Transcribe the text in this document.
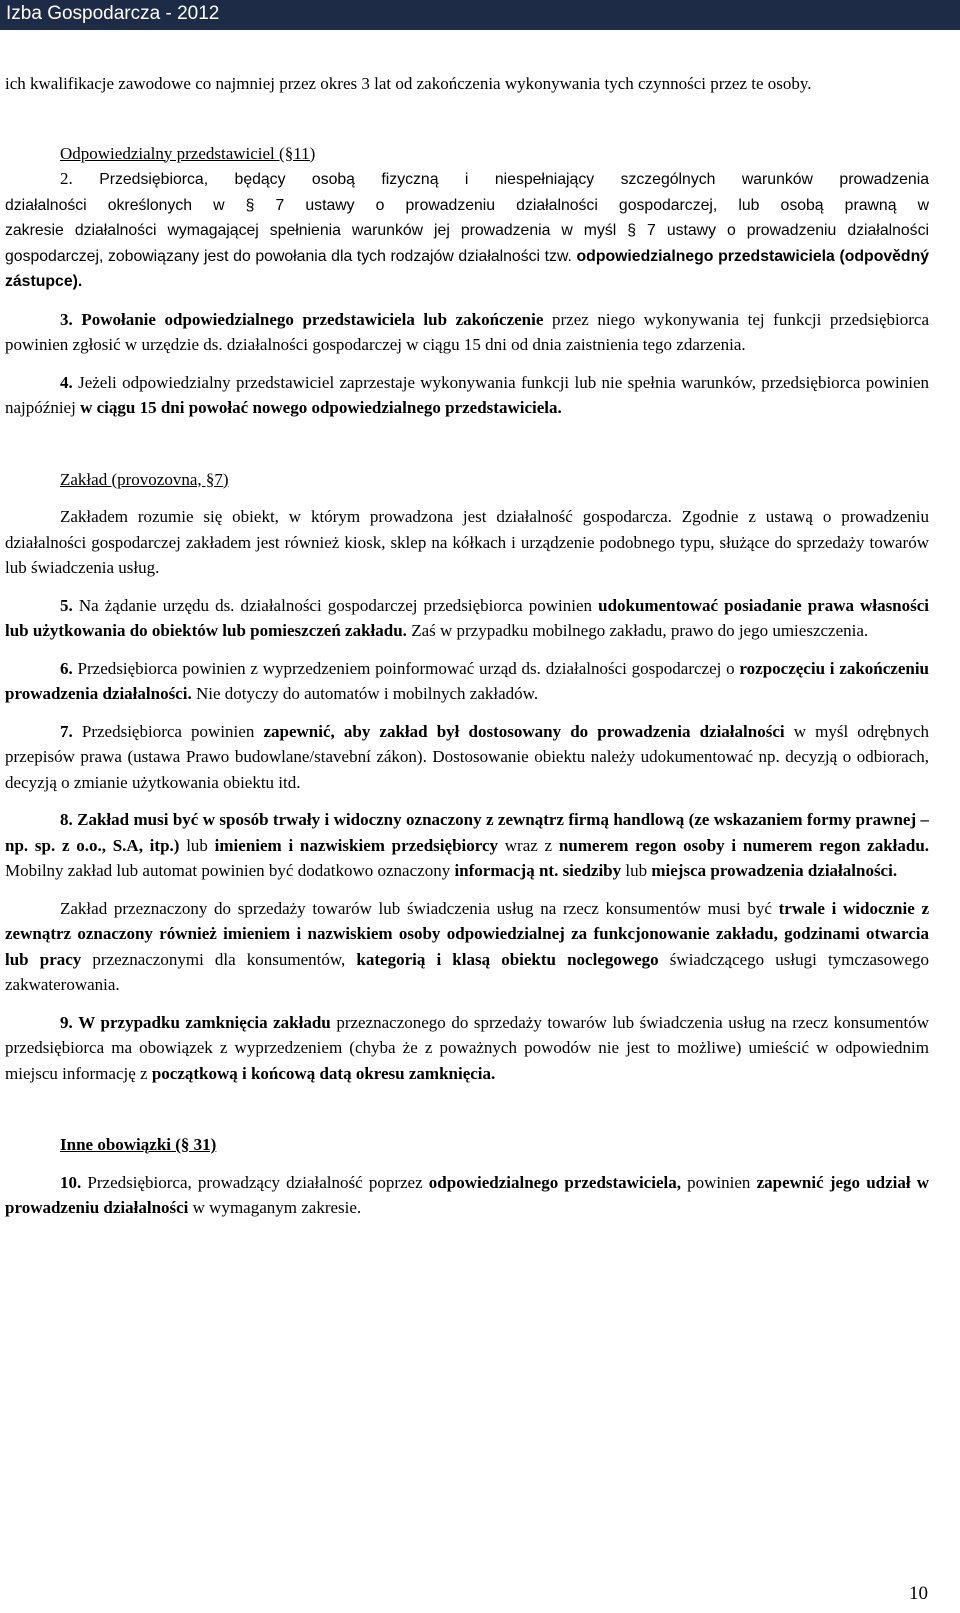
Izba Gospodarcza - 2012

ich kwalifikacje zawodowe co najmniej przez okres 3 lat od zakończenia wykonywania tych czynności przez te osoby.

Odpowiedzialny przedstawiciel (§11)

2. Przedsiębiorca, będący osobą fizyczną i niespełniający szczególnych warunków prowadzenia
działalności określonych w § 7 ustawy o prowadzeniu działalności gospodarczej, lub osobą prawną w
zakresie działalności wymagającej spełnienia warunków jej prowadzenia w myśl § 7 ustawy o prowadzeniu działalności gospodarczej, zobowiązany jest do powołania dla tych rodzajów działalności tzw. odpowiedzialnego przedstawiciela (odpovědný zástupce).

3. Powołanie odpowiedzialnego przedstawiciela lub zakończenie przez niego wykonywania tej funkcji przedsiębiorca powinien zgłosić w urzędzie ds. działalności gospodarczej w ciągu 15 dni od dnia zaistnienia tego zdarzenia.

4. Jeżeli odpowiedzialny przedstawiciel zaprzestaje wykonywania funkcji lub nie spełnia warunków, przedsiębiorca powinien najpóźniej w ciągu 15 dni powołać nowego odpowiedzialnego przedstawiciela.

Zakład (provozovna, §7)

Zakładem rozumie się obiekt, w którym prowadzona jest działalność gospodarcza. Zgodnie z ustawą o prowadzeniu działalności gospodarczej zakładem jest również kiosk, sklep na kółkach i urządzenie podobnego typu, służące do sprzedaży towarów lub świadczenia usług.

5. Na żądanie urzędu ds. działalności gospodarczej przedsiębiorca powinien udokumentować posiadanie prawa własności lub użytkowania do obiektów lub pomieszczeń zakładu. Zaś w przypadku mobilnego zakładu, prawo do jego umieszczenia.

6. Przedsiębiorca powinien z wyprzedzeniem poinformować urząd ds. działalności gospodarczej o rozpoczęciu i zakończeniu prowadzenia działalności. Nie dotyczy do automatów i mobilnych zakładów.

7. Przedsiębiorca powinien zapewnić, aby zakład był dostosowany do prowadzenia działalności w myśl odrębnych przepisów prawa (ustawa Prawo budowlane/stavební zákon). Dostosowanie obiektu należy udokumentować np. decyzją o odbiorach, decyzją o zmianie użytkowania obiektu itd.

8. Zakład musi być w sposób trwały i widoczny oznaczony z zewnątrz firmą handlową (ze wskazaniem formy prawnej – np. sp. z o.o., S.A, itp.) lub imieniem i nazwiskiem przedsiębiorcy wraz z numerem regon osoby i numerem regon zakładu. Mobilny zakład lub automat powinien być dodatkowo oznaczony informacją nt. siedziby lub miejsca prowadzenia działalności.

Zakład przeznaczony do sprzedaży towarów lub świadczenia usług na rzecz konsumentów musi być trwale i widocznie z zewnątrz oznaczony również imieniem i nazwiskiem osoby odpowiedzialnej za funkcjonowanie zakładu, godzinami otwarcia lub pracy przeznaczonymi dla konsumentów, kategorią i klasą obiektu noclegowego świadczącego usługi tymczasowego zakwaterowania.

9. W przypadku zamknięcia zakładu przeznaczonego do sprzedaży towarów lub świadczenia usług na rzecz konsumentów przedsiębiorca ma obowiązek z wyprzedzeniem (chyba że z poważnych powodów nie jest to możliwe) umieścić w odpowiednim miejscu informację z początkową i końcową datą okresu zamknięcia.

Inne obowiązki (§ 31)

10. Przedsiębiorca, prowadzący działalność poprzez odpowiedzialnego przedstawiciela, powinien zapewnić jego udział w prowadzeniu działalności w wymaganym zakresie.

10
